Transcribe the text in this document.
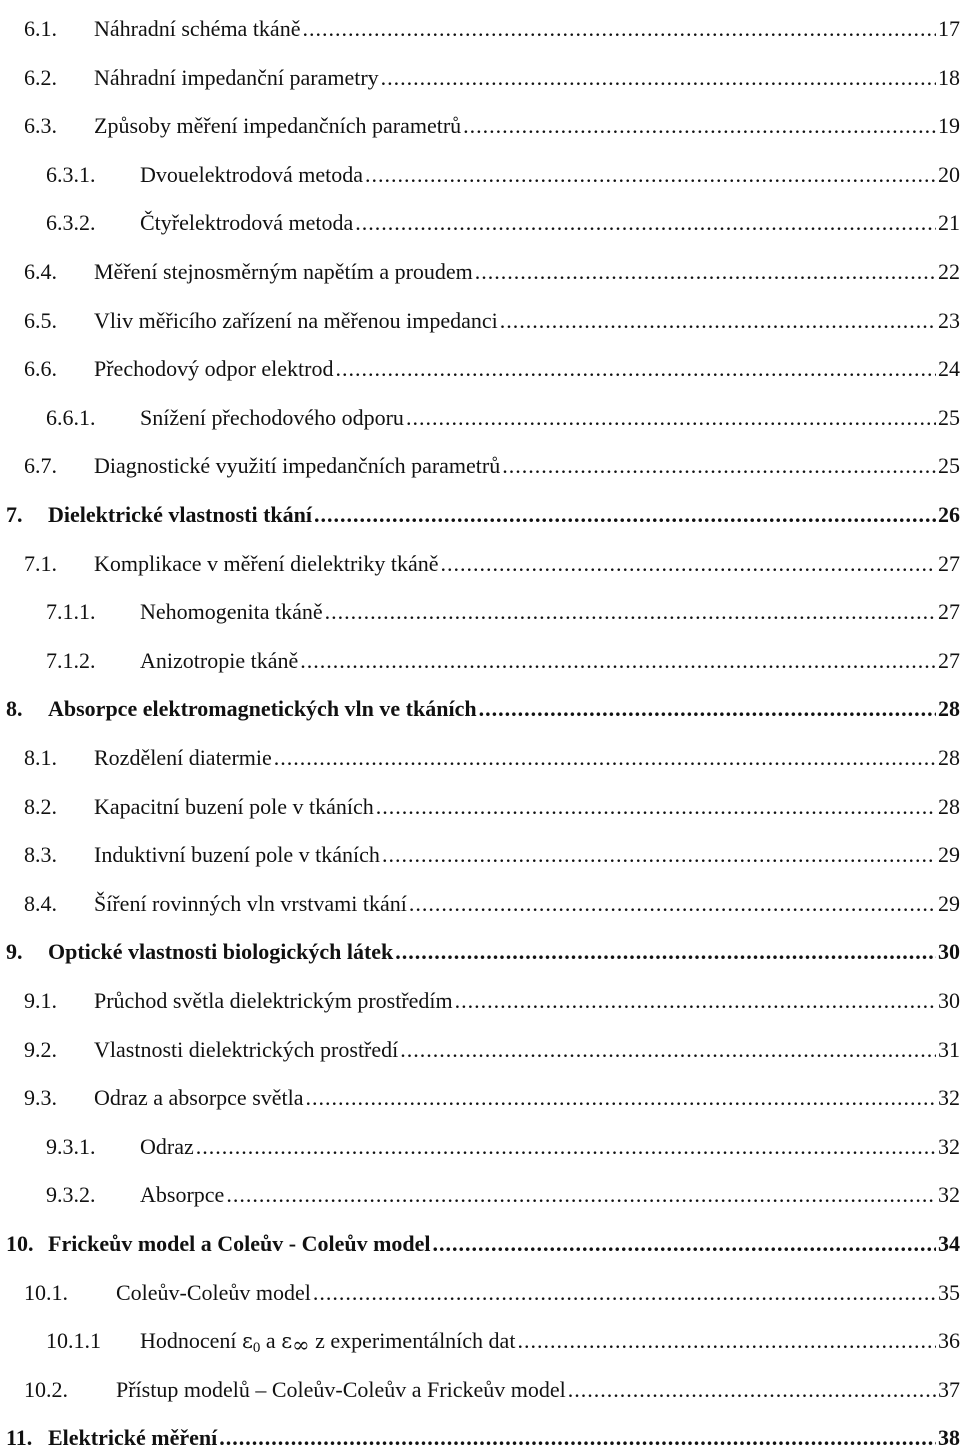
6.1.	Náhradní schéma tkáně .....	17
6.2.	Náhradní impedanční parametry .....	18
6.3.	Způsoby měření impedančních parametrů .....	19
6.3.1.	Dvouelektrodová metoda .....	20
6.3.2.	Čtyřelektrodová metoda .....	21
6.4.	Měření stejnosměrným napětím a proudem .....	22
6.5.	Vliv měřicího zařízení na měřenou impedanci .....	23
6.6.	Přechodový odpor elektrod .....	24
6.6.1.	Snížení přechodového odporu .....	25
6.7.	Diagnostické využití impedančních parametrů .....	25
7.	Dielektrické vlastnosti tkání .....	26
7.1.	Komplikace v měření dielektriky tkáně .....	27
7.1.1.	Nehomogenita tkáně .....	27
7.1.2.	Anizotropie tkáně .....	27
8.	Absorpce elektromagnetických vln ve tkáních .....	28
8.1.	Rozdělení diatermie .....	28
8.2.	Kapacitní buzení pole v tkáních .....	28
8.3.	Induktivní buzení pole v tkáních .....	29
8.4.	Šíření rovinných vln vrstvami tkání .....	29
9.	Optické vlastnosti biologických látek .....	30
9.1.	Průchod světla dielektrickým prostředím .....	30
9.2.	Vlastnosti dielektrických prostředí .....	31
9.3.	Odraz a absorpce světla .....	32
9.3.1.	Odraz .....	32
9.3.2.	Absorpce .....	32
10. Frickeův model a Coleův - Coleův model .....	34
10.1.	Coleův-Coleův model .....	35
10.1.1	Hodnocení ε0 a ε∞ z experimentálních dat .....	36
10.2.	Přístup modelů – Coleův-Coleův a Frickeův model .....	37
11. Elektrické měření .....	38
